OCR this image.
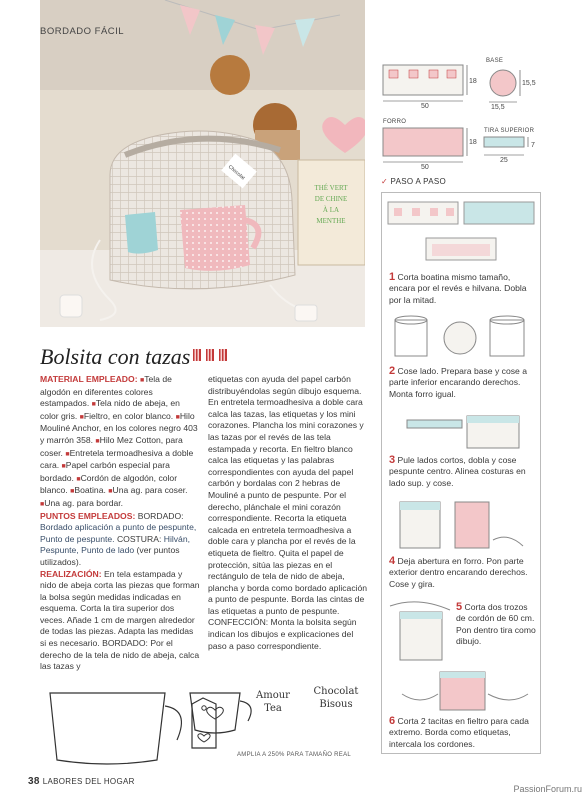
THÉ VERT
DE CHINE
À LA
MENTHE
Chocolat
BORDADO FÁCIL
Bolsita con tazas

MATERIAL EMPLEADO: ■Tela de algodón en diferentes colores estampados. ■Tela nido de abeja, en color gris. ■Fieltro, en color blanco. ■Hilo Mouliné Anchor, en los colores negro 403 y marrón 358. ■Hilo Mez Cotton, para coser. ■Entretela termoadhesiva a doble cara. ■Papel carbón especial para bordado. ■Cordón de algodón, color blanco. ■Boatina. ■Una ag. para coser. ■Una ag. para bordar.

PUNTOS EMPLEADOS: BORDADO: Bordado aplicación a punto de pespunte, Punto de pespunte. COSTURA: Hilván, Pespunte, Punto de lado (ver puntos utilizados).

REALIZACIÓN: En tela estampada y nido de abeja corta las piezas que forman la bolsa según medidas indicadas en esquema. Corta la tira superior dos veces. Añade 1 cm de margen alrededor de todas las piezas. Adapta las medidas si es necesario. BORDADO: Por el derecho de la tela de nido de abeja, calca las tazas y

etiquetas con ayuda del papel carbón distribuyéndolas según dibujo esquema. En entretela termoadhesiva a doble cara calca las tazas, las etiquetas y los mini corazones. Plancha los mini corazones y las tazas por el revés de las tela estampada y recorta. En fieltro blanco calca las etiquetas y las palabras correspondientes con ayuda del papel carbón y bordalas con 2 hebras de Mouliné a punto de pespunte. Por el derecho, plánchale el mini corazón correspondiente. Recorta la etiqueta calcada en entretela termoadhesiva a doble cara y plancha por el revés de la etiqueta de fieltro. Quita el papel de protección, sitúa las piezas en el rectángulo de tela de nido de abeja, plancha y borda como bordado aplicación a punto de pespunte. Borda las cintas de las etiquetas a punto de pespunte. CONFECCIÓN: Monta la bolsita según indican los dibujos e explicaciones del paso a paso correspondiente.

Amour
Tea
Chocolat
Bisous
AMPLIA A 250% PARA TAMAÑO REAL
50
18
BASE
15,5
15,5
FORRO
50
18
TIRA SUPERIOR
25
7
✓ PASO A PASO
1 Corta boatina mismo tamaño, encara por el revés e hilvana. Dobla por la mitad.
2 Cose lado. Prepara base y cose a parte inferior encarando derechos. Monta forro igual.
3 Pule lados cortos, dobla y cose pespunte centro. Alinea costuras en lado sup. y cose.
4 Deja abertura en forro. Pon parte exterior dentro encarando derechos. Cose y gira.
5 Corta dos trozos de cordón de 60 cm. Pon dentro tira como dibujo.
6 Corta 2 tacitas en fieltro para cada extremo. Borda como etiquetas, intercala los cordones.
38 LABORES DEL HOGAR
PassionForum.ru
